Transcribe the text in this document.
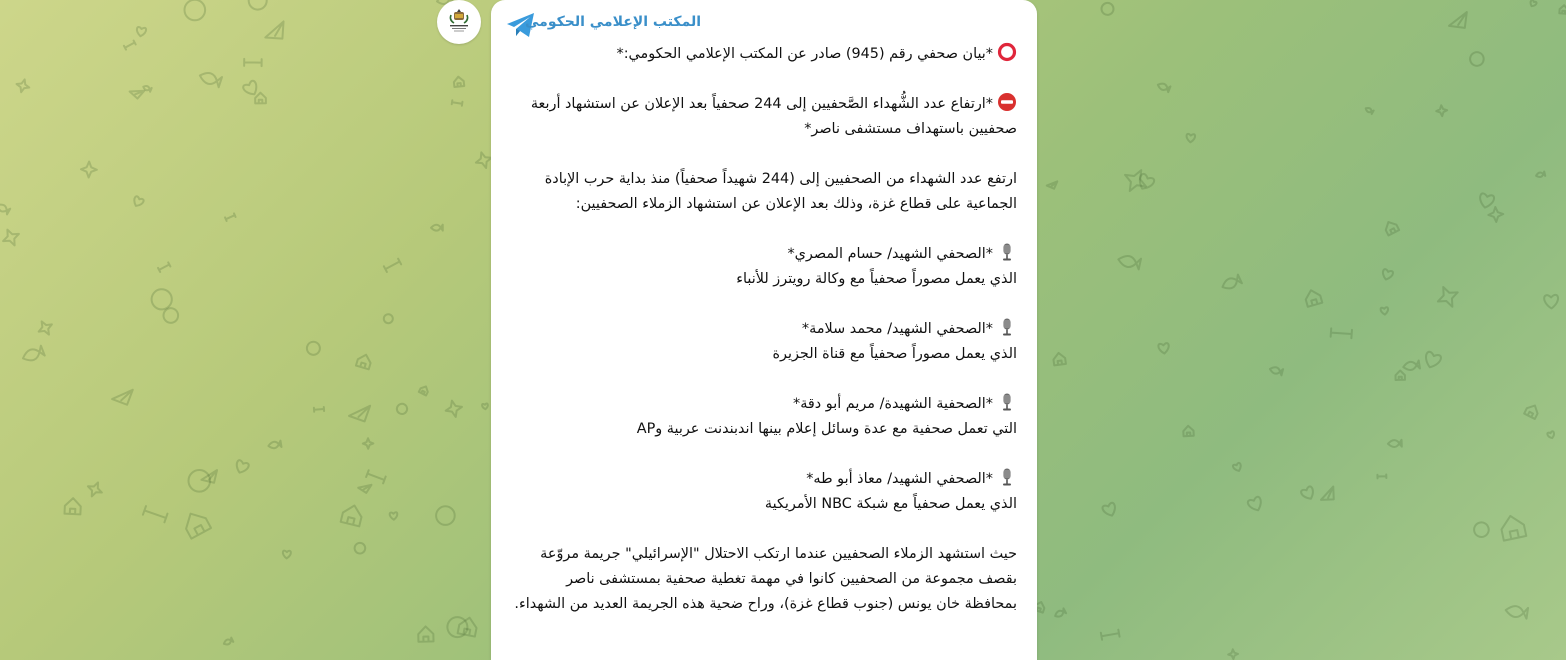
المكتب الإعلامي الحكومي

*بيان صحفي رقم (945) صادر عن المكتب الإعلامي الحكومي:*

*ارتفاع عدد الشُّهداء الصَّحفيين إلى 244 صحفياً بعد الإعلان عن استشهاد أربعة صحفيين باستهداف مستشفى ناصر*

ارتفع عدد الشهداء من الصحفيين إلى (244 شهيداً صحفياً) منذ بداية حرب الإبادة الجماعية على قطاع غزة، وذلك بعد الإعلان عن استشهاد الزملاء الصحفيين:

*الصحفي الشهيد/ حسام المصري*

الذي يعمل مصوراً صحفياً مع وكالة رويترز للأنباء

*الصحفي الشهيد/ محمد سلامة*

الذي يعمل مصوراً صحفياً مع قناة الجزيرة

*الصحفية الشهيدة/ مريم أبو دقة*

التي تعمل صحفية مع عدة وسائل إعلام بينها اندبندنت عربية وAP

*الصحفي الشهيد/ معاذ أبو طه*

الذي يعمل صحفياً مع شبكة NBC الأمريكية

حيث استشهد الزملاء الصحفيين عندما ارتكب الاحتلال "الإسرائيلي" جريمة مروّعة بقصف مجموعة من الصحفيين كانوا في مهمة تغطية صحفية بمستشفى ناصر بمحافظة خان يونس (جنوب قطاع غزة)، وراح ضحية هذه الجريمة العديد من الشهداء.
